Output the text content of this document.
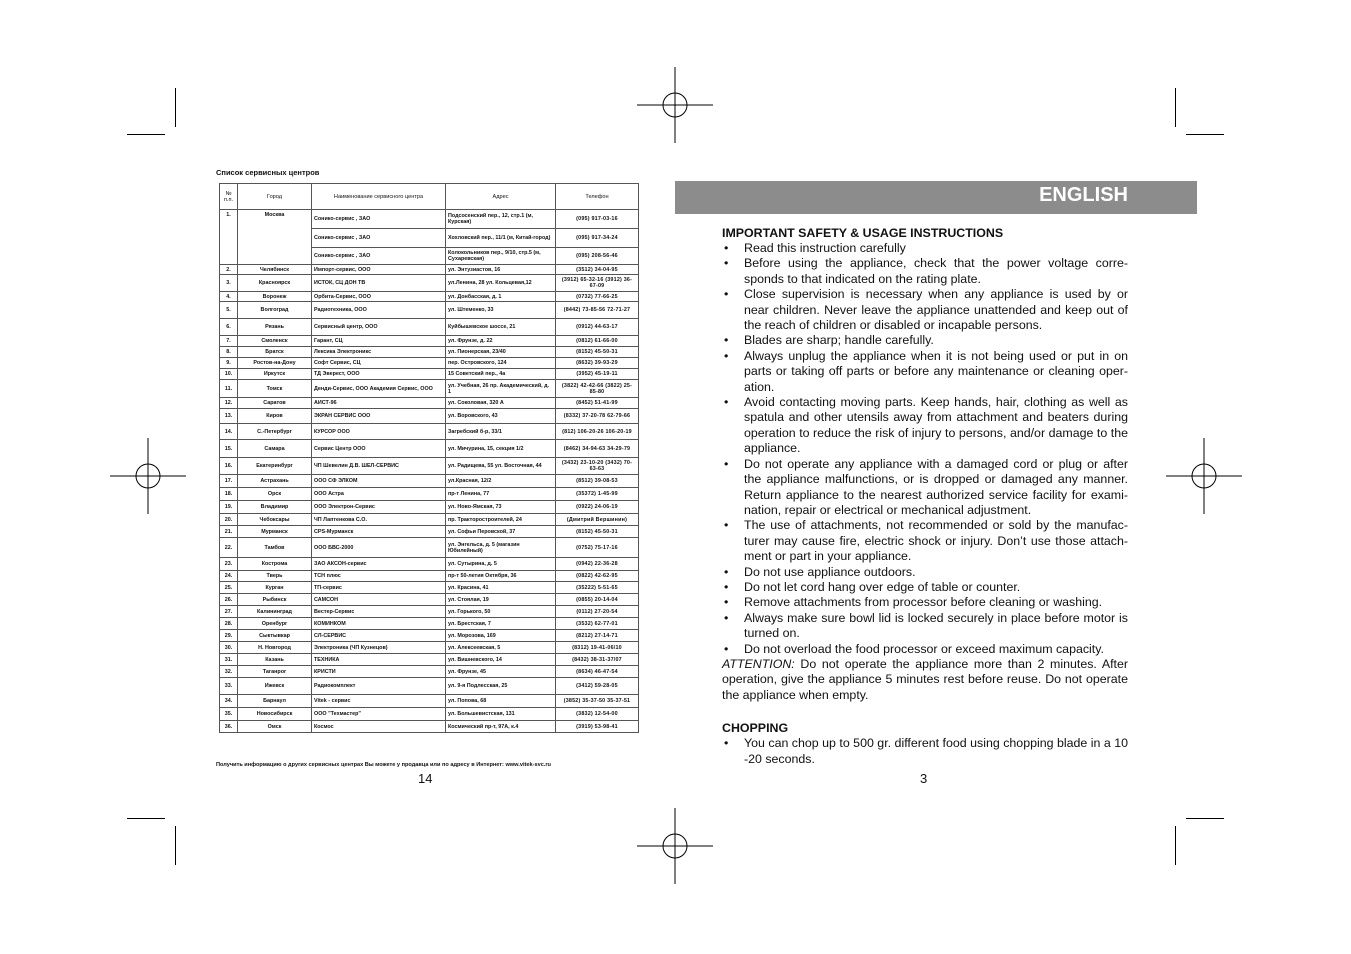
Список сервисных центров
№ п.п.	Город	Наименование сервисного центра	Адрес	Телефон
1.	Москва	Сонико-сервис , ЗАО	Подсосенский пер., 12, стр.1 (м, Курская)	(095) 917-03-16
		Сонико-сервис , ЗАО	Хохловский пер., 11/1 (м, Китай-город)	(095) 917-34-24
		Сонико-сервис , ЗАО	Колокольников пер., 9/10, стр.5 (м, Сухаревская)	(095) 208-56-46
2.	Челябинск	Импорт-сервис, ООО	ул. Энтузиастов, 16	(3512) 34-04-95
3.	Красноярск	ИСТОК, СЦ ДОН ТВ	ул.Ленина, 28 ул. Кольцевая,12	(3912) 65-32-16 (3912) 36-67-09
4.	Воронеж	Орбита-Сервис, ООО	ул. Донбасская, д. 1	(0732) 77-66-25
5.	Волгоград	Радиотехника, ООО	ул. Штеменко, 33	(8442) 73-85-56 72-71-27
6.	Рязань	Сервисный центр, ООО	Куйбышевское шоссе, 21	(0912) 44-63-17
7.	Смоленск	Гарант, СЦ	ул. Фрунзе, д. 22	(0812) 61-66-00
8.	Братск	Лексика Электроникс	ул. Пионерская, 23/40	(8152) 45-50-31
9.	Ростов-на-Дону	Софт Сервис, СЦ	пер. Островского, 124	(8632) 39-93-29
10.	Иркутск	ТД Эверест, ООО	15 Советский пер., 4а	(3952) 45-19-11
11.	Томск	Денди-Сервис, ООО Академия Сервис, ООО	ул. Учебная, 26 пр. Академический, д. 1	(3822) 42-42-66 (3822) 25-85-80
12.	Саратов	АИСТ-96	ул. Соколовая, 320 А	(8452) 51-41-99
13.	Киров	ЭКРАН СЕРВИС ООО	ул. Воровского, 43	(8332) 37-20-78 62-79-66
14.	С.-Петербург	КУРСОР ООО	Загребский б-р, 33/1	(812) 106-20-26 106-20-19
15.	Самара	Сервис Центр ООО	ул. Мичурина, 15, секция 1/2	(8462) 34-94-63 34-29-79
16.	Екатеринбург	ЧП Шевелин Д.В. ШЕЛ-СЕРВИС	ул. Радищева, 55 ул. Восточная, 44	(3432) 23-10-20 (3432) 70-63-63
17.	Астрахань	ООО СФ ЭЛКОМ	ул.Красная, 12/2	(8512) 39-08-53
18.	Орск	ООО Астра	пр-т Ленина, 77	(35372) 1-45-99
19.	Владимир	ООО Электрон-Сервис	ул. Ново-Ямская, 73	(0922) 24-06-19
20.	Чебоксары	ЧП Лаптенкова С.О.	пр. Тракторостроителей, 24	(Дмитрий Вершинин)
21.	Мурманск	CPS-Мурманск	ул. Софьи Перовской, 37	(8152) 45-50-31
22.	Тамбов	ООО БВС-2000	ул. Энгельса, д. 5 (магазин Юбилейный)	(0752) 75-17-16
23.	Кострома	ЗАО АКСОН-сервис	ул. Сутырина, д. 5	(0942) 22-36-28
24.	Тверь	ТСН плюс	пр-т 50-летия Октября, 36	(0822) 42-62-95
25.	Курган	ТП-сервис	ул. Красина, 41	(35222) 5-51-65
26.	Рыбинск	САМСОН	ул. Стоялая, 19	(0855) 20-14-04
27.	Калининград	Вестер-Сервис	ул. Горького, 50	(0112) 27-20-54
28.	Оренбург	КОМИНКОМ	ул. Брестская, 7	(3532) 62-77-01
29.	Сыктывкар	СЛ-СЕРВИС	ул. Морозова, 169	(8212) 27-14-71
30.	Н. Новгород	Электроника (ЧП Кузнецов)	ул. Алексеевская, 5	(8312) 19-41-06/10
31.	Казань	ТЕХНИКА	ул. Вишневского, 14	(8432) 38-31-37/07
32.	Таганрог	КРИСТИ	ул. Фрунзе, 45	(8634) 46-47-54
33.	Ижевск	Радиокомплект	ул. 9-я Подлесская, 25	(3412) 59-28-05
34.	Барнаул	Vitek - сервис	ул. Попова, 68	(3852) 35-37-50 35-37-51
35.	Новосибирск	ООО "Техмастер"	ул. Большевистская, 131	(3832) 12-54-00
36.	Омск	Космос	Космический пр-т, 97А, к.4	(3919) 53-98-41
Получить информацию о других сервисных центрах Вы можете у продавца или по адресу в Интернет: www.vitek-svc.ru
14
ENGLISH
IMPORTANT SAFETY & USAGE INSTRUCTIONS
• Read this instruction carefully
• Before using the appliance, check that the power voltage corre-sponds to that indicated on the rating plate.
• Close supervision is necessary when any appliance is used by or near children. Never leave the appliance unattended and keep out of the reach of children or disabled or incapable persons.
• Blades are sharp; handle carefully.
• Always unplug the appliance when it is not being used or put in on parts or taking off parts or before any maintenance or cleaning oper-ation.
• Avoid contacting moving parts. Keep hands, hair, clothing as well as spatula and other utensils away from attachment and beaters during operation to reduce the risk of injury to persons, and/or damage to the appliance.
• Do not operate any appliance with a damaged cord or plug or after the appliance malfunctions, or is dropped or damaged any manner. Return appliance to the nearest authorized service facility for exami-nation, repair or electrical or mechanical adjustment.
• The use of attachments, not recommended or sold by the manufac-turer may cause fire, electric shock or injury. Don’t use those attach-ment or part in your appliance.
• Do not use appliance outdoors.
• Do not let cord hang over edge of table or counter.
• Remove attachments from processor before cleaning or washing.
• Always make sure bowl lid is locked securely in place before motor is turned on.
• Do not overload the food processor or exceed maximum capacity.

ATTENTION: Do not operate the appliance more than 2 minutes. After operation, give the appliance 5 minutes rest before reuse. Do not operate the appliance when empty.

CHOPPING
• You can chop up to 500 gr. different food using chopping blade in a 10 -20 seconds.
3
